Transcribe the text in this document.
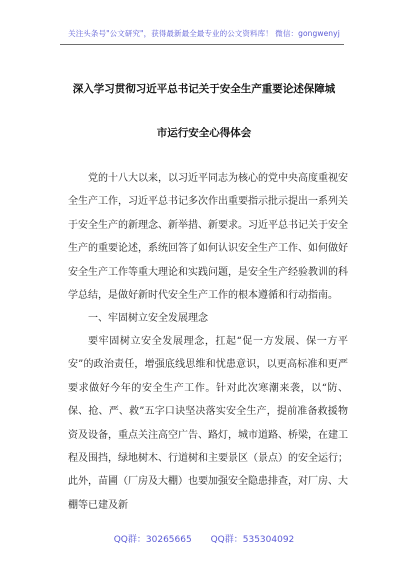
关注头条号"公文研究"，获得最新最全最专业的公文资料库！ 微信：gongwenyj
深入学习贯彻习近平总书记关于安全生产重要论述保障城
市运行安全心得体会

党的十八大以来，以习近平同志为核心的党中央高度重视安全生产工作，习近平总书记多次作出重要指示批示提出一系列关于安全生产的新理念、新举措、新要求。习近平总书记关于安全生产的重要论述，系统回答了如何认识安全生产工作、如何做好安全生产工作等重大理论和实践问题，是安全生产经验教训的科学总结，是做好新时代安全生产工作的根本遵循和行动指南。

一、牢固树立安全发展理念

要牢固树立安全发展理念，扛起“促一方发展、保一方平安”的政治责任，增强底线思维和忧患意识，以更高标准和更严要求做好今年的安全生产工作。针对此次寒潮来袭，以“防、保、抢、严、救”五字口诀坚决落实安全生产，提前准备救援物资及设备，重点关注高空广告、路灯，城市道路、桥梁，在建工程及围挡，绿地树木、行道树和主要景区（景点）的安全运行；此外，苗圃（厂房及大棚）也要加强安全隐患排查，对厂房、大棚等已建及新

QQ群：30265665 QQ群：535304092
